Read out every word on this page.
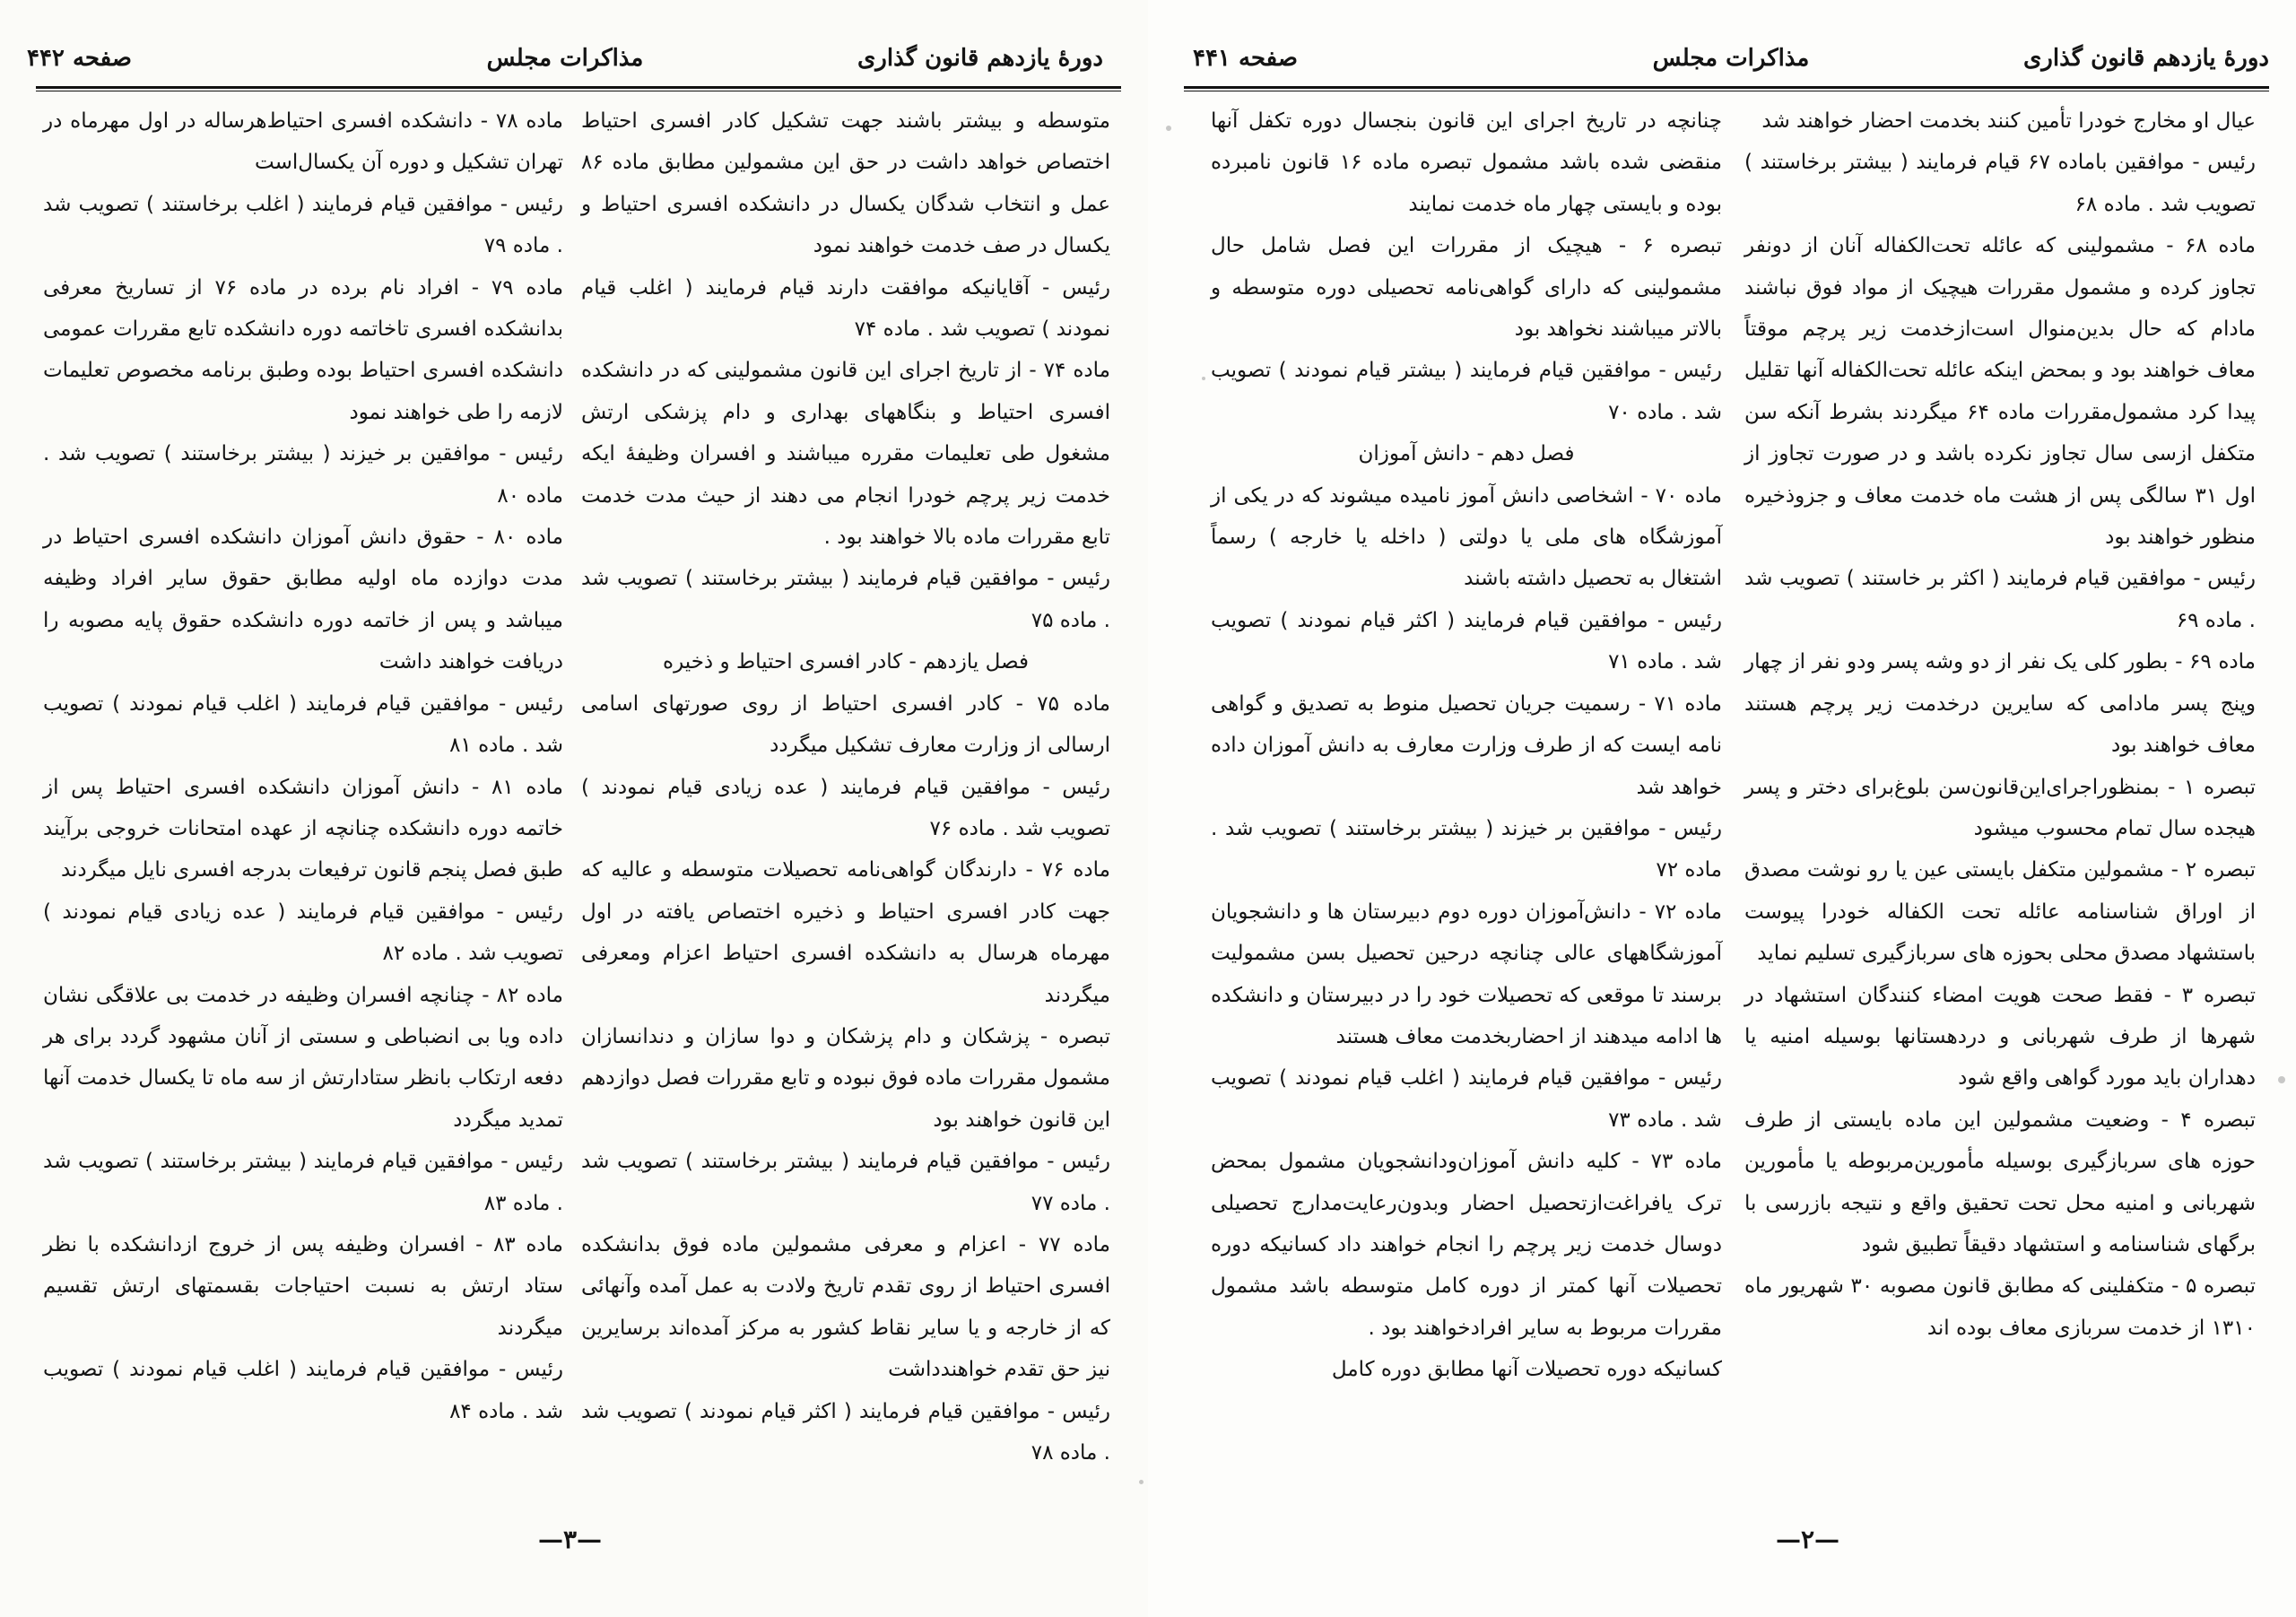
دورهٔ یازدهم قانون گذاری
مذاکرات مجلس
صفحه ۴۴۲

متوسطه و بیشتر باشند جهت تشکیل کادر افسری احتیاط اختصاص خواهد داشت در حق این مشمولین مطابق ماده ۸۶ عمل و انتخاب شدگان یکسال در دانشکده افسری احتیاط و یکسال در صف خدمت خواهند نمود

رئیس - آقایانیکه موافقت دارند قیام فرمایند ( اغلب قیام نمودند ) تصویب شد . ماده ۷۴

ماده ۷۴ - از تاریخ اجرای این قانون مشمولینی که در دانشکده افسری احتیاط و بنگاههای بهداری و دام پزشکی ارتش مشغول طی تعلیمات مقرره میباشند و افسران وظیفهٔ ایکه خدمت زیر پرچم خودرا انجام می دهند از حیث مدت خدمت تابع مقررات ماده بالا خواهند بود .

رئیس - موافقین قیام فرمایند ( بیشتر برخاستند ) تصویب شد . ماده ۷۵

فصل یازدهم - کادر افسری احتیاط و ذخیره

ماده ۷۵ - کادر افسری احتیاط از روی صورتهای اسامی ارسالی از وزارت معارف تشکیل میگردد

رئیس - موافقین قیام فرمایند ( عده زیادی قیام نمودند ) تصویب شد . ماده ۷۶

ماده ۷۶ - دارندگان گواهی‌نامه تحصیلات متوسطه و عالیه که جهت کادر افسری احتیاط و ذخیره اختصاص یافته در اول مهرماه هرسال به دانشکده افسری احتیاط اعزام ومعرفی میگردند

تبصره - پزشکان و دام پزشکان و دوا سازان و دندانسازان مشمول مقررات ماده فوق نبوده و تابع مقررات فصل دوازدهم این قانون خواهند بود

رئیس - موافقین قیام فرمایند ( بیشتر برخاستند ) تصویب شد . ماده ۷۷

ماده ۷۷ - اعزام و معرفی مشمولین ماده فوق بدانشکده افسری احتیاط از روی تقدم تاریخ ولادت به عمل آمده وآنهائی که از خارجه و یا سایر نقاط کشور به مرکز آمده‌اند برسایرین نیز حق تقدم خواهندداشت

رئیس - موافقین قیام فرمایند ( اکثر قیام نمودند ) تصویب شد . ماده ۷۸

ماده ۷۸ - دانشکده افسری احتیاط‌هرساله در اول مهرماه در تهران تشکیل و دوره آن یکسال‌است

رئیس - موافقین قیام فرمایند ( اغلب برخاستند ) تصویب شد . ماده ۷۹

ماده ۷۹ - افراد نام برده در ماده ۷۶ از تساریخ معرفی بدانشکده افسری تاخاتمه دوره دانشکده تابع مقررات عمومی دانشکده افسری احتیاط بوده وطبق برنامه مخصوص تعلیمات لازمه را طی خواهند نمود

رئیس - موافقین بر خیزند ( بیشتر برخاستند ) تصویب شد . ماده ۸۰

ماده ۸۰ - حقوق دانش آموزان دانشکده افسری احتیاط در مدت دوازده ماه اولیه مطابق حقوق سایر افراد وظیفه میباشد و پس از خاتمه دوره دانشکده حقوق پایه مصوبه را دریافت خواهند داشت

رئیس - موافقین قیام فرمایند ( اغلب قیام نمودند ) تصویب شد . ماده ۸۱

ماده ۸۱ - دانش آموزان دانشکده افسری احتیاط پس از خاتمه دوره دانشکده چنانچه از عهده امتحانات خروجی برآیند طبق فصل پنجم قانون ترفیعات بدرجه افسری نایل میگردند

رئیس - موافقین قیام فرمایند ( عده زیادی قیام نمودند ) تصویب شد . ماده ۸۲

ماده ۸۲ - چنانچه افسران وظیفه در خدمت بی علاقگی نشان داده ویا بی انضباطی و سستی از آنان مشهود گردد برای هر دفعه ارتکاب بانظر ستادارتش از سه ماه تا یکسال خدمت آنها تمدید میگردد

رئیس - موافقین قیام فرمایند ( بیشتر برخاستند ) تصویب شد . ماده ۸۳

ماده ۸۳ - افسران وظیفه پس از خروج ازدانشکده با نظر ستاد ارتش به نسبت احتیاجات بقسمتهای ارتش تقسیم میگردند

رئیس - موافقین قیام فرمایند ( اغلب قیام نمودند ) تصویب شد . ماده ۸۴

—۳—
دورهٔ یازدهم قانون گذاری
مذاکرات مجلس
صفحه ۴۴۱

عیال او مخارج خودرا تأمین کنند بخدمت احضار خواهند شد

رئیس - موافقین باماده ۶۷ قیام فرمایند ( بیشتر برخاستند ) تصویب شد . ماده ۶۸

ماده ۶۸ - مشمولینی که عائله تحت‌الکفاله آنان از دونفر تجاوز کرده و مشمول مقررات هیچیک از مواد فوق نباشند مادام که حال بدین‌منوال است‌ازخدمت زیر پرچم موقتاً معاف خواهند بود و بمحض اینکه عائله تحت‌الکفاله آنها تقلیل پیدا کرد مشمول‌مقررات ماده ۶۴ میگردند بشرط آنکه سن متکفل ازسی سال تجاوز نکرده باشد و در صورت تجاوز از اول ۳۱ سالگی پس از هشت ماه خدمت معاف و جزوذخیره منظور خواهند بود

رئیس - موافقین قیام فرمایند ( اکثر بر خاستند ) تصویب شد . ماده ۶۹

ماده ۶۹ - بطور کلی یک نفر از دو وشه پسر ودو نفر از چهار وپنج پسر مادامی که سایرین درخدمت زیر پرچم هستند معاف خواهند بود

تبصره ۱ - بمنظوراجرای‌این‌قانون‌سن بلوغ‌برای دختر و پسر هیجده سال تمام محسوب میشود

تبصره ۲ - مشمولین متکفل بایستی عین یا رو نوشت مصدق از اوراق شناسنامه عائله تحت الکفاله خودرا پیوست باستشهاد مصدق محلی بحوزه های سربازگیری تسلیم نماید

تبصره ۳ - فقط صحت هویت امضاء کنندگان استشهاد در شهرها از طرف شهربانی و دردهستانها بوسیله امنیه یا دهداران باید مورد گواهی واقع شود

تبصره ۴ - وضعیت مشمولین این ماده بایستی از طرف حوزه های سربازگیری بوسیله مأمورین‌مربوطه یا مأمورین شهربانی و امنیه محل تحت تحقیق واقع و نتیجه بازرسی با برگهای شناسنامه و استشهاد دقیقاً تطبیق شود

تبصره ۵ - متکفلینی که مطابق قانون مصوبه ۳۰ شهریور ماه ۱۳۱۰ از خدمت سربازی معاف بوده اند

چنانچه در تاریخ اجرای این قانون بنجسال دوره تکفل آنها منقضی شده باشد مشمول تبصره ماده ۱۶ قانون نامبرده بوده و بایستی چهار ماه خدمت نمایند

تبصره ۶ - هیچیک از مقررات این فصل شامل حال مشمولینی که دارای گواهی‌نامه تحصیلی دوره متوسطه و بالاتر میباشند نخواهد بود

رئیس - موافقین قیام فرمایند ( بیشتر قیام نمودند ) تصویب شد . ماده ۷۰

فصل دهم - دانش آموزان

ماده ۷۰ - اشخاصی دانش آموز نامیده میشوند که در یکی از آموزشگاه های ملی یا دولتی ( داخله یا خارجه ) رسماً اشتغال به تحصیل داشته باشند

رئیس - موافقین قیام فرمایند ( اکثر قیام نمودند ) تصویب شد . ماده ۷۱

ماده ۷۱ - رسمیت جریان تحصیل منوط به تصدیق و گواهی نامه ایست که از طرف وزارت معارف به دانش آموزان داده خواهد شد

رئیس - موافقین بر خیزند ( بیشتر برخاستند ) تصویب شد . ماده ۷۲

ماده ۷۲ - دانش‌آموزان دوره دوم دبیرستان ها و دانشجویان آموزشگاههای عالی چنانچه درحین تحصیل بسن مشمولیت برسند تا موقعی که تحصیلات خود را در دبیرستان و دانشکده ها ادامه میدهند از احضاربخدمت معاف هستند

رئیس - موافقین قیام فرمایند ( اغلب قیام نمودند ) تصویب شد . ماده ۷۳

ماده ۷۳ - کلیه دانش آموزان‌ودانشجویان مشمول بمحض ترک یافراغت‌ازتحصیل احضار وبدون‌رعایت‌مدارج تحصیلی دوسال خدمت زیر پرچم را انجام خواهند داد کسانیکه دوره تحصیلات آنها کمتر از دوره کامل متوسطه باشد مشمول مقررات مربوط به سایر افرادخواهند بود .

کسانیکه دوره تحصیلات آنها مطابق دوره کامل

—۲—
